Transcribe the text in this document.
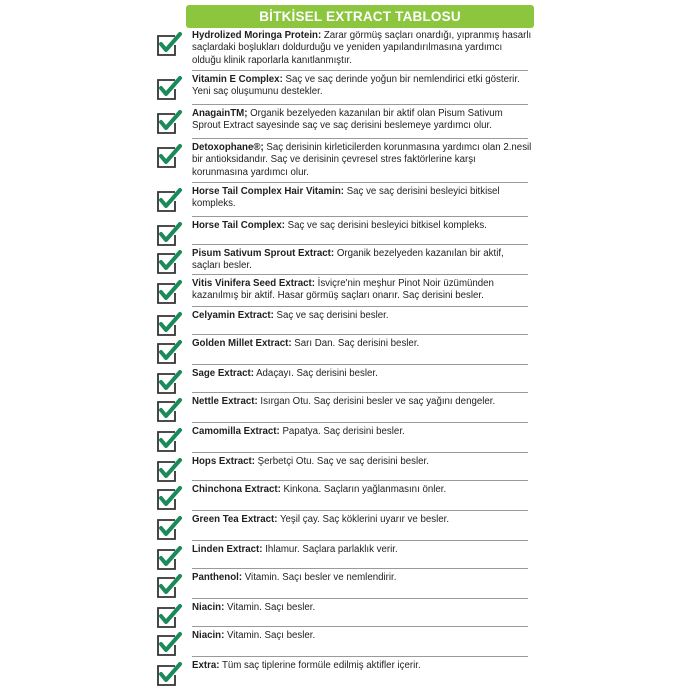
BİTKİSEL EXTRACT TABLOSU
Hydrolized Moringa Protein: Zarar görmüş saçları onardığı, yıpranmış hasarlı saçlardaki boşlukları doldurduğu ve yeniden yapılandırılmasına yardımcı olduğu klinik raporlarla kanıtlanmıştır.
Vitamin E Complex: Saç ve saç derinde yoğun bir nemlendirici etki gösterir. Yeni saç oluşumunu destekler.
AnagainTM; Organik bezelyeden kazanılan bir aktif olan Pisum Sativum Sprout Extract sayesinde saç ve saç derisini beslemeye yardımcı olur.
Detoxophane®; Saç derisinin kirleticilerden korunmasına yardımcı olan 2.nesil bir antioksidandır. Saç ve derisinin çevresel stres faktörlerine karşı korunmasına yardımcı olur.
Horse Tail Complex Hair Vitamin: Saç ve saç derisini besleyici bitkisel kompleks.
Horse Tail Complex: Saç ve saç derisini besleyici bitkisel kompleks.
Pisum Sativum Sprout Extract: Organik bezelyeden kazanılan bir aktif, saçları besler.
Vitis Vinifera Seed Extract: İsviçre'nin meşhur Pinot Noir üzümünden kazanılmış bir aktif. Hasar görmüş saçları onarır. Saç derisini besler.
Celyamin Extract: Saç ve saç derisini besler.
Golden Millet Extract: Sarı Dan. Saç derisini besler.
Sage Extract: Adaçayı. Saç derisini besler.
Nettle Extract: Isırgan Otu. Saç derisini besler ve saç yağını dengeler.
Camomilla Extract: Papatya. Saç derisini besler.
Hops Extract: Şerbetçi Otu. Saç ve saç derisini besler.
Chinchona Extract: Kinkona. Saçların yağlanmasını önler.
Green Tea Extract: Yeşil çay. Saç köklerini uyarır ve besler.
Linden Extract: Ihlamur. Saçlara parlaklık verir.
Panthenol: Vitamin. Saçı besler ve nemlendirir.
Niacin: Vitamin. Saçı besler.
Niacin: Vitamin. Saçı besler.
Extra: Tüm saç tiplerine formüle edilmiş aktifler içerir.
